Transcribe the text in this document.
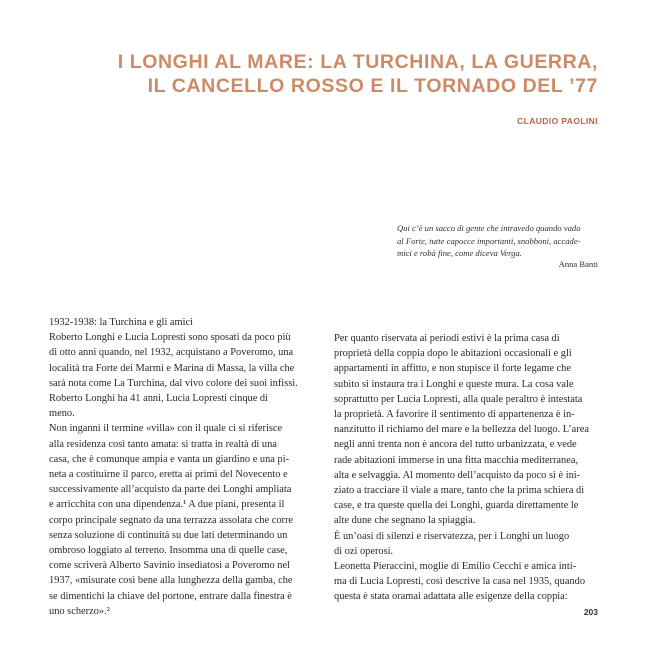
I LONGHI AL MARE: LA TURCHINA, LA GUERRA,
IL CANCELLO ROSSO E IL TORNADO DEL ’77
CLAUDIO PAOLINI
Qui c’è un sacco di gente che intravedo quando vado
al Forte, tutte capocce importanti, snobboni, accade-
mici e robà fine, come diceva Verga.
Anna Banti
1932-1938: la Turchina e gli amici
Roberto Longhi e Lucia Lopresti sono sposati da poco più
di otto anni quando, nel 1932, acquistano a Poveromo, una
località tra Forte dei Marmi e Marina di Massa, la villa che
sarà nota come La Turchina, dal vivo colore dei suoi infissi.
Roberto Longhi ha 41 anni, Lucia Lopresti cinque di
meno.
Non inganni il termine «villa» con il quale ci si riferisce
alla residenza così tanto amata: si tratta in realtà di una
casa, che è comunque ampia e vanta un giardino e una pi-
neta a costituirne il parco, eretta ai primi del Novecento e
successivamente all’acquisto da parte dei Longhi ampliata
e arricchita con una dipendenza.¹ A due piani, presenta il
corpo principale segnato da una terrazza assolata che corre
senza soluzione di continuità su due lati determinando un
ombroso loggiato al terreno. Insomma una di quelle case,
come scriverà Alberto Savinio insediatosi a Poveromo nel
1937, «misurate così bene alla lunghezza della gamba, che
se dimentichi la chiave del portone, entrare dalla finestra è
uno scherzo».²
Per quanto riservata ai periodi estivi è la prima casa di
proprietà della coppia dopo le abitazioni occasionali e gli
appartamenti in affitto, e non stupisce il forte legame che
subito si instaura tra i Longhi e queste mura. La cosa vale
soprattutto per Lucia Lopresti, alla quale peraltro è intestata
la proprietà. A favorire il sentimento di appartenenza è in-
nanzitutto il richiamo del mare e la bellezza del luogo. L’area
negli anni trenta non è ancora del tutto urbanizzata, e vede
rade abitazioni immerse in una fitta macchia mediterranea,
alta e selvaggia. Al momento dell’acquisto da poco si è ini-
ziato a tracciare il viale a mare, tanto che la prima schiera di
case, e tra queste quella dei Longhi, guarda direttamente le
alte dune che segnano la spiaggia.
È un’oasi di silenzi e riservatezza, per i Longhi un luogo
di ozi operosi.
Leonetta Pieraccini, moglie di Emilio Cecchi e amica inti-
ma di Lucia Lopresti, così descrive la casa nel 1935, quando
questa è stata oramai adattata alle esigenze della coppia:
203
